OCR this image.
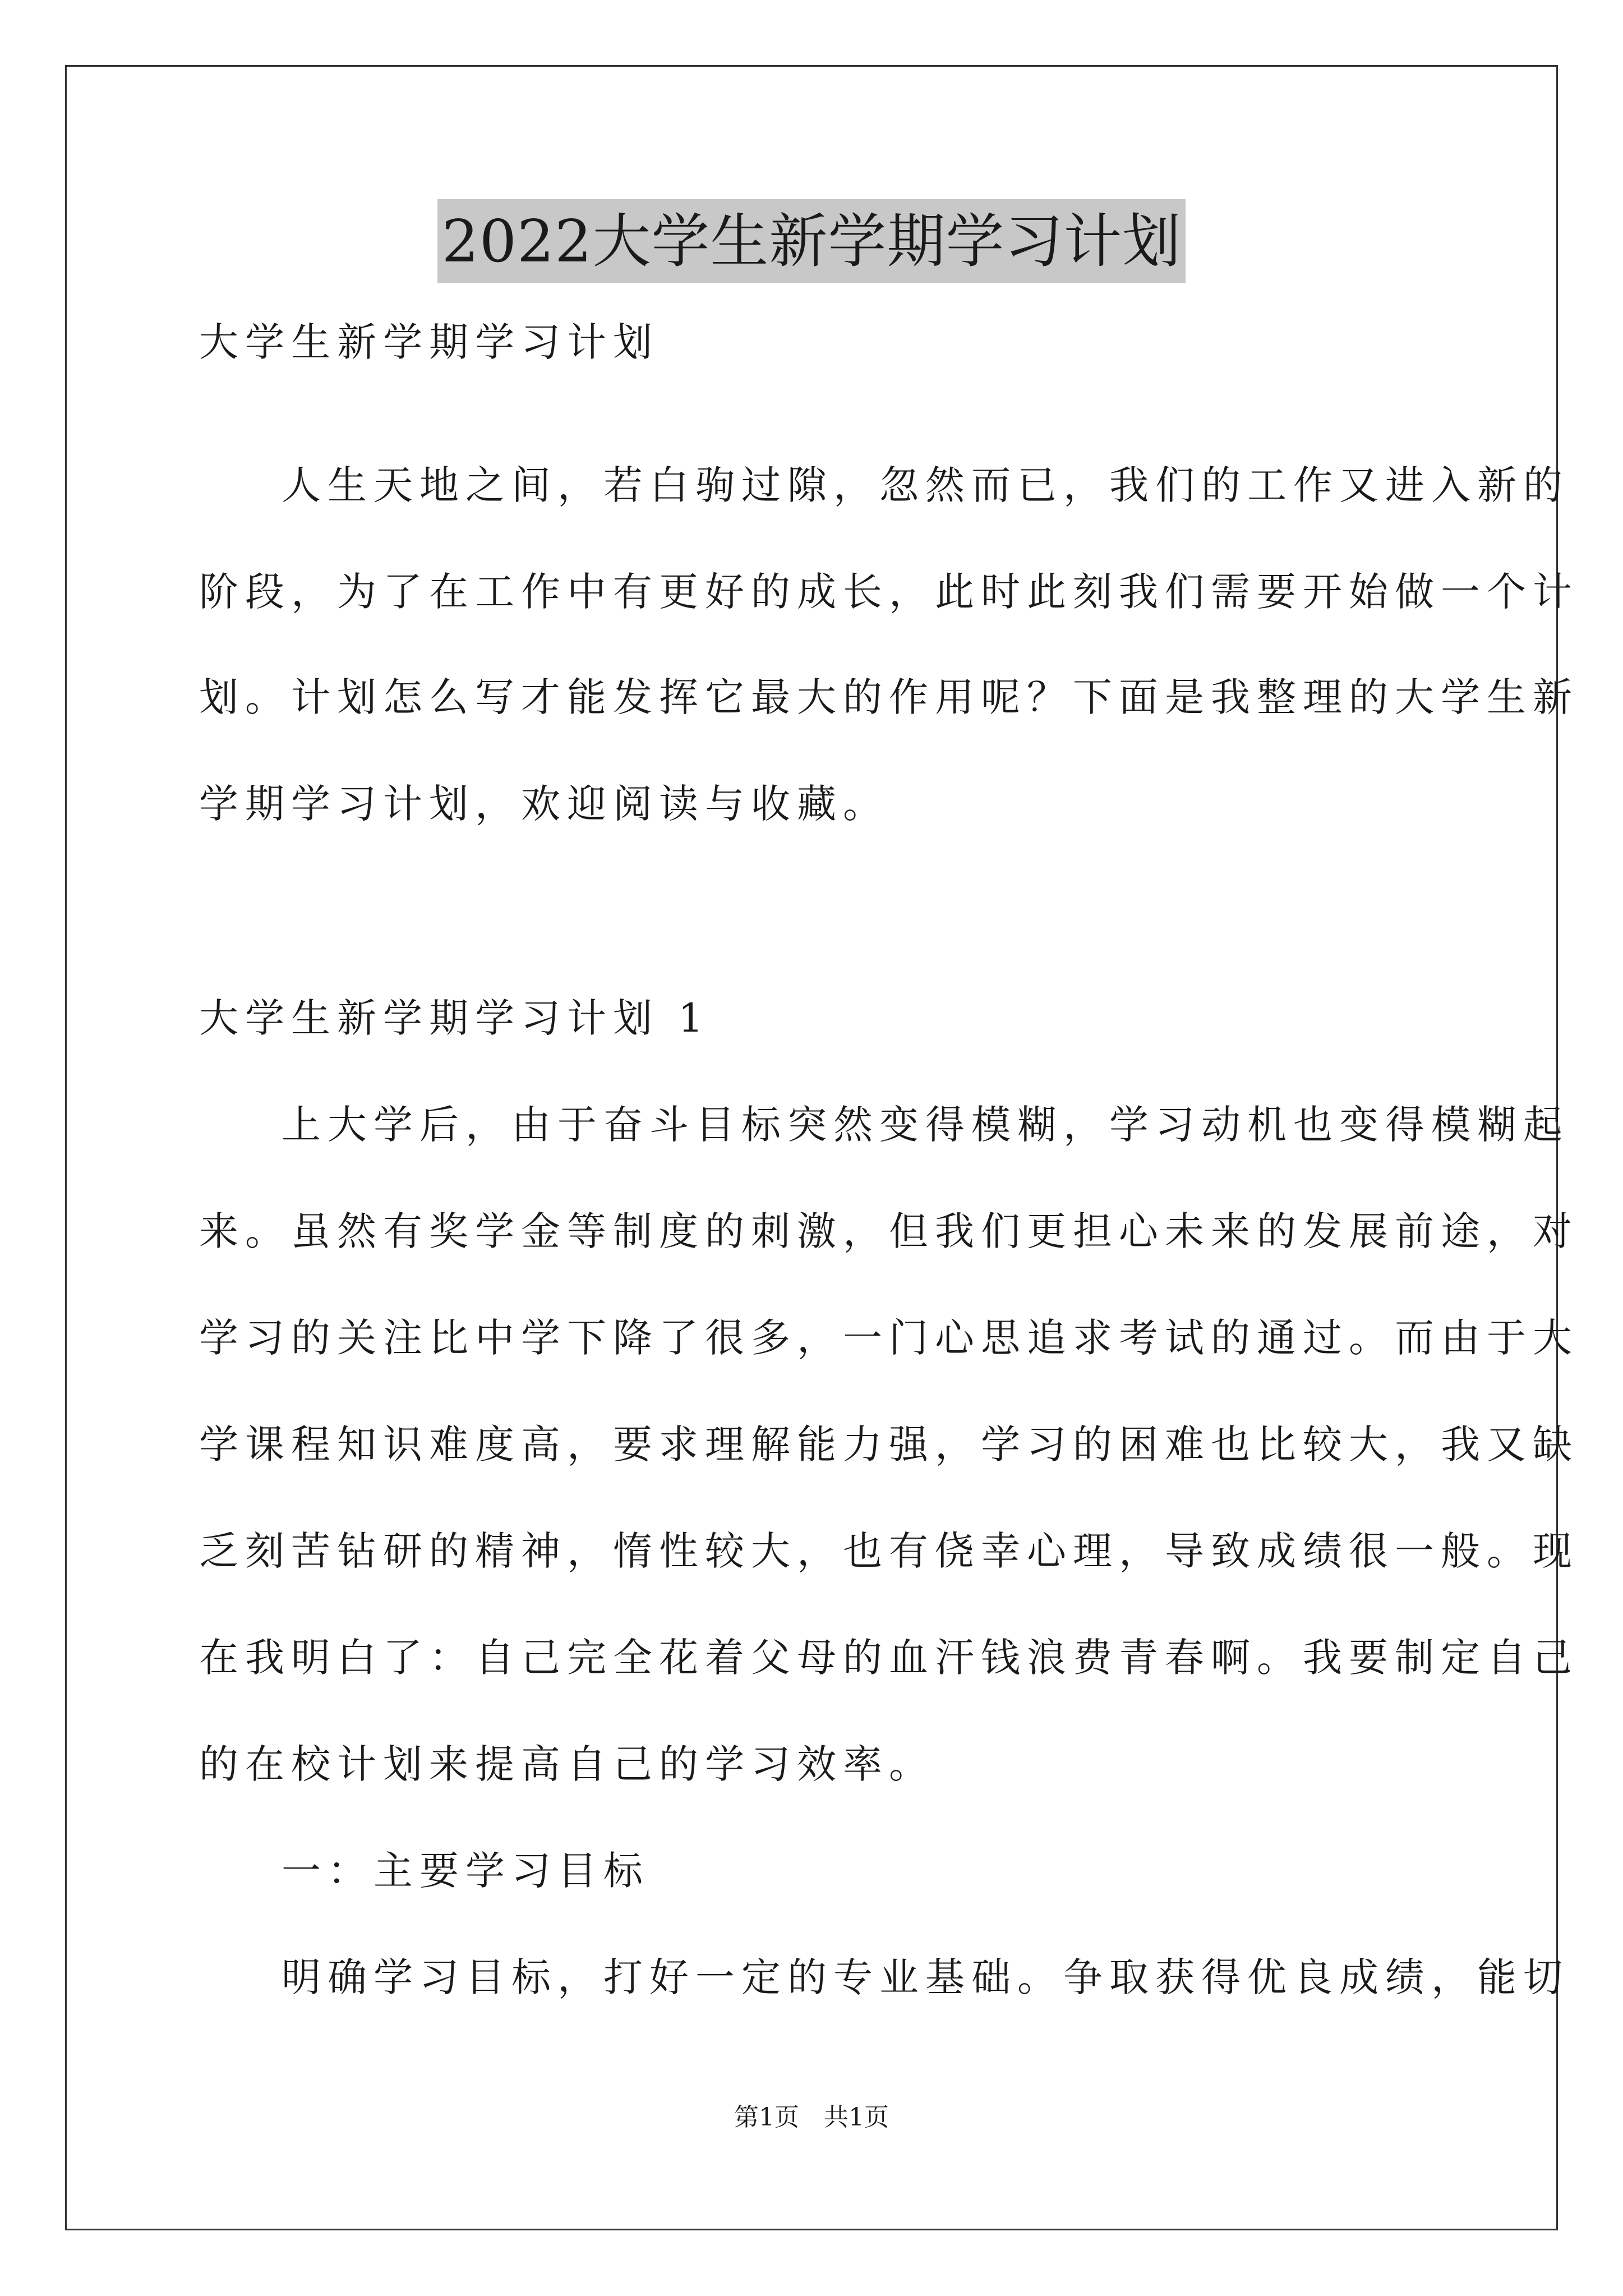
2022大学生新学期学习计划
大学生新学期学习计划
人生天地之间，若白驹过隙，忽然而已，我们的工作又进入新的
阶段，为了在工作中有更好的成长，此时此刻我们需要开始做一个计
划。计划怎么写才能发挥它最大的作用呢？下面是我整理的大学生新
学期学习计划，欢迎阅读与收藏。
大学生新学期学习计划 1
上大学后，由于奋斗目标突然变得模糊，学习动机也变得模糊起
来。虽然有奖学金等制度的刺激，但我们更担心未来的发展前途，对
学习的关注比中学下降了很多，一门心思追求考试的通过。而由于大
学课程知识难度高，要求理解能力强，学习的困难也比较大，我又缺
乏刻苦钻研的精神，惰性较大，也有侥幸心理，导致成绩很一般。现
在我明白了：自己完全花着父母的血汗钱浪费青春啊。我要制定自己
的在校计划来提高自己的学习效率。
一：主要学习目标
明确学习目标，打好一定的专业基础。争取获得优良成绩，能切
第1页　共1页
